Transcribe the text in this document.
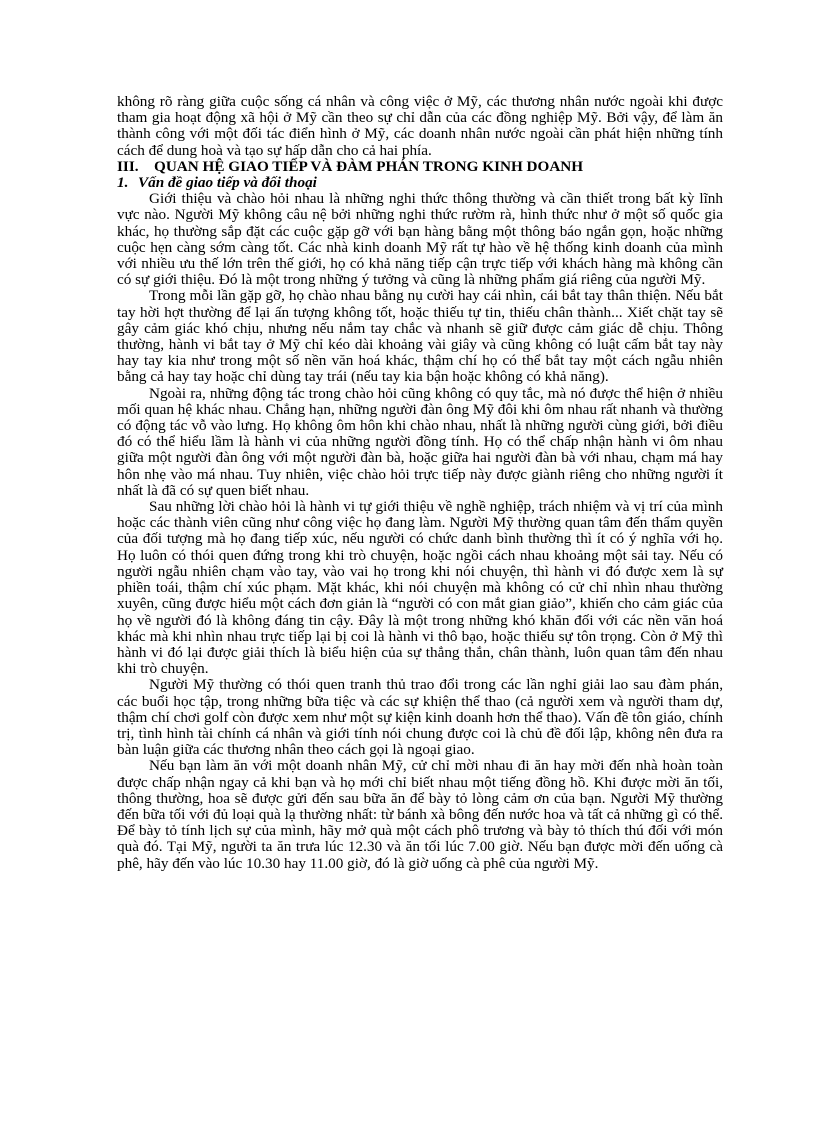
không rõ ràng giữa cuộc sống cá nhân và công việc ở Mỹ, các thương nhân nước ngoài khi được tham gia hoạt động xã hội ở Mỹ cần theo sự chỉ dẫn của các đồng nghiệp Mỹ. Bởi vậy, để làm ăn thành công với một đối tác điển hình ở Mỹ, các doanh nhân nước ngoài cần phát hiện những tính cách để dung hoà và tạo sự hấp dẫn cho cả hai phía.

III. QUAN HỆ GIAO TIẾP VÀ ĐÀM PHÁN TRONG KINH DOANH
1. Vấn đề giao tiếp và đối thoại

Giới thiệu và chào hỏi nhau là những nghi thức thông thường và cần thiết trong bất kỳ lĩnh vực nào. Người Mỹ không câu nệ bởi những nghi thức rườm rà, hình thức như ở một số quốc gia khác, họ thường sắp đặt các cuộc gặp gỡ với bạn hàng bằng một thông báo ngắn gọn, hoặc những cuộc hẹn càng sớm càng tốt. Các nhà kinh doanh Mỹ rất tự hào về hệ thống kinh doanh của mình với nhiều ưu thế lớn trên thế giới, họ có khả năng tiếp cận trực tiếp với khách hàng mà không cần có sự giới thiệu. Đó là một trong những ý tưởng và cũng là những phẩm giá riêng của người Mỹ.

Trong mỗi lần gặp gỡ, họ chào nhau bằng nụ cười hay cái nhìn, cái bắt tay thân thiện. Nếu bắt tay hời hợt thường để lại ấn tượng không tốt, hoặc thiếu tự tin, thiếu chân thành... Xiết chặt tay sẽ gây cảm giác khó chịu, nhưng nếu nắm tay chắc và nhanh sẽ giữ được cảm giác dễ chịu. Thông thường, hành vi bắt tay ở Mỹ chỉ kéo dài khoảng vài giây và cũng không có luật cấm bắt tay này hay tay kia như trong một số nền văn hoá khác, thậm chí họ có thể bắt tay một cách ngẫu nhiên bằng cả hay tay hoặc chỉ dùng tay trái (nếu tay kia bận hoặc không có khả năng).

Ngoài ra, những động tác trong chào hỏi cũng không có quy tắc, mà nó được thể hiện ở nhiều mối quan hệ khác nhau. Chẳng hạn, những người đàn ông Mỹ đôi khi ôm nhau rất nhanh và thường có động tác vỗ vào lưng. Họ không ôm hôn khi chào nhau, nhất là những người cùng giới, bởi điều đó có thể hiểu lầm là hành vi của những người đồng tính. Họ có thể chấp nhận hành vi ôm nhau giữa một người đàn ông với một người đàn bà, hoặc giữa hai người đàn bà với nhau, chạm má hay hôn nhẹ vào má nhau. Tuy nhiên, việc chào hỏi trực tiếp này được giành riêng cho những người ít nhất là đã có sự quen biết nhau.

Sau những lời chào hỏi là hành vi tự giới thiệu về nghề nghiệp, trách nhiệm và vị trí của mình hoặc các thành viên cũng như công việc họ đang làm. Người Mỹ thường quan tâm đến thẩm quyền của đối tượng mà họ đang tiếp xúc, nếu người có chức danh bình thường thì ít có ý nghĩa với họ. Họ luôn có thói quen đứng trong khi trò chuyện, hoặc ngồi cách nhau khoảng một sải tay. Nếu có người ngẫu nhiên chạm vào tay, vào vai họ trong khi nói chuyện, thì hành vi đó được xem là sự phiền toái, thậm chí xúc phạm. Mặt khác, khi nói chuyện mà không có cử chỉ nhìn nhau thường xuyên, cũng được hiểu một cách đơn giản là “người có con mắt gian giảo”, khiến cho cảm giác của họ về người đó là không đáng tin cậy. Đây là một trong những khó khăn đối với các nền văn hoá khác mà khi nhìn nhau trực tiếp lại bị coi là hành vi thô bạo, hoặc thiếu sự tôn trọng. Còn ở Mỹ thì hành vi đó lại được giải thích là biểu hiện của sự thẳng thắn, chân thành, luôn quan tâm đến nhau khi trò chuyện.

Người Mỹ thường có thói quen tranh thủ trao đổi trong các lần nghỉ giải lao sau đàm phán, các buổi học tập, trong những bữa tiệc và các sự khiện thể thao (cả người xem và người tham dự, thậm chí chơi golf còn được xem như một sự kiện kinh doanh hơn thể thao). Vấn đề tôn giáo, chính trị, tình hình tài chính cá nhân và giới tính nói chung được coi là chủ đề đối lập, không nên đưa ra bàn luận giữa các thương nhân theo cách gọi là ngoại giao.

Nếu bạn làm ăn với một doanh nhân Mỹ, cử chỉ mời nhau đi ăn hay mời đến nhà hoàn toàn được chấp nhận ngay cả khi bạn và họ mới chỉ biết nhau một tiếng đồng hồ. Khi được mời ăn tối, thông thường, hoa sẽ được gửi đến sau bữa ăn để bày tỏ lòng cảm ơn của bạn. Người Mỹ thường đến bữa tối với đủ loại quà lạ thường nhất: từ bánh xà bông đến nước hoa và tất cả những gì có thể. Để bày tỏ tính lịch sự của mình, hãy mở quà một cách phô trương và bày tỏ thích thú đối với món quà đó. Tại Mỹ, người ta ăn trưa lúc 12.30 và ăn tối lúc 7.00 giờ. Nếu bạn được mời đến uống cà phê, hãy đến vào lúc 10.30 hay 11.00 giờ, đó là giờ uống cà phê của người Mỹ.
